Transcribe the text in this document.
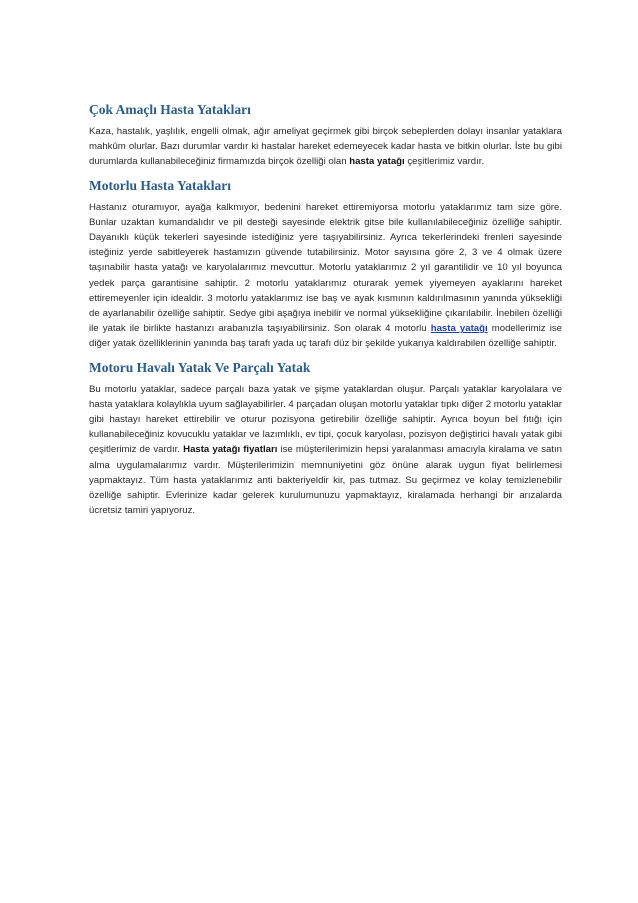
Çok Amaçlı Hasta Yatakları

Kaza, hastalık, yaşlılık, engelli olmak, ağır ameliyat geçirmek gibi birçok sebeplerden dolayı insanlar yataklara mahkûm olurlar. Bazı durumlar vardır ki hastalar hareket edemeyecek kadar hasta ve bitkin olurlar. İste bu gibi durumlarda kullanabileceğiniz firmamızda birçok özelliği olan hasta yatağı çeşitlerimiz vardır.

Motorlu Hasta Yatakları

Hastanız oturamıyor, ayağa kalkmıyor, bedenini hareket ettiremiyorsa motorlu yataklarımız tam size göre. Bunlar uzaktan kumandalıdır ve pil desteği sayesinde elektrik gitse bile kullanılabileceğiniz özelliğe sahiptir. Dayanıklı küçük tekerleri sayesinde istediğiniz yere taşıyabilirsiniz. Ayrıca tekerlerindeki frenleri sayesinde isteğiniz yerde sabitleyerek hastamızın güvende tutabilirsiniz. Motor sayısına göre 2, 3 ve 4 olmak üzere taşınabilir hasta yatağı ve karyolalarımız mevcuttur. Motorlu yataklarımız 2 yıl garantilidir ve 10 yıl boyunca yedek parça garantisine sahiptir. 2 motorlu yataklarımız oturarak yemek yiyemeyen ayaklarını hareket ettiremeyenler için idealdir. 3 motorlu yataklarımız ise baş ve ayak kısmının kaldırılmasının yanında yüksekliği de ayarlanabilir özelliğe sahiptir. Sedye gibi aşağıya inebilir ve normal yüksekliğine çıkarılabilir. İnebilen özelliği ile yatak ile birlikte hastanızı arabanızla taşıyabilirsiniz. Son olarak 4 motorlu hasta yatağı modellerimiz ise diğer yatak özelliklerinin yanında baş tarafı yada uç tarafı düz bir şekilde yukarıya kaldırabilen özelliğe sahiptir.

Motoru Havalı Yatak Ve Parçalı Yatak

Bu motorlu yataklar, sadece parçalı baza yatak ve şişme yataklardan oluşur. Parçalı yataklar karyolalara ve hasta yataklara kolaylıkla uyum sağlayabilirler. 4 parçadan oluşan motorlu yataklar tıpkı diğer 2 motorlu yataklar gibi hastayı hareket ettirebilir ve oturur pozisyona getirebilir özelliğe sahiptir. Ayrıca boyun bel fıtığı için kullanabileceğiniz kovucuklu yataklar ve lazımlıklı, ev tipi, çocuk karyolası, pozisyon değiştirici havalı yatak gibi çeşitlerimiz de vardır. Hasta yatağı fiyatları ise müşterilerimizin hepsi yaralanması amacıyla kiralama ve satın alma uygulamalarımız vardır. Müşterilerimizin memnuniyetini göz önüne alarak uygun fiyat belirlemesi yapmaktayız. Tüm hasta yataklarımız anti bakteriyeldir kir, pas tutmaz. Su geçirmez ve kolay temizlenebilir özelliğe sahiptir. Evlerinize kadar gelerek kurulumunuzu yapmaktayız, kiralamada herhangi bir arızalarda ücretsiz tamiri yapıyoruz.
